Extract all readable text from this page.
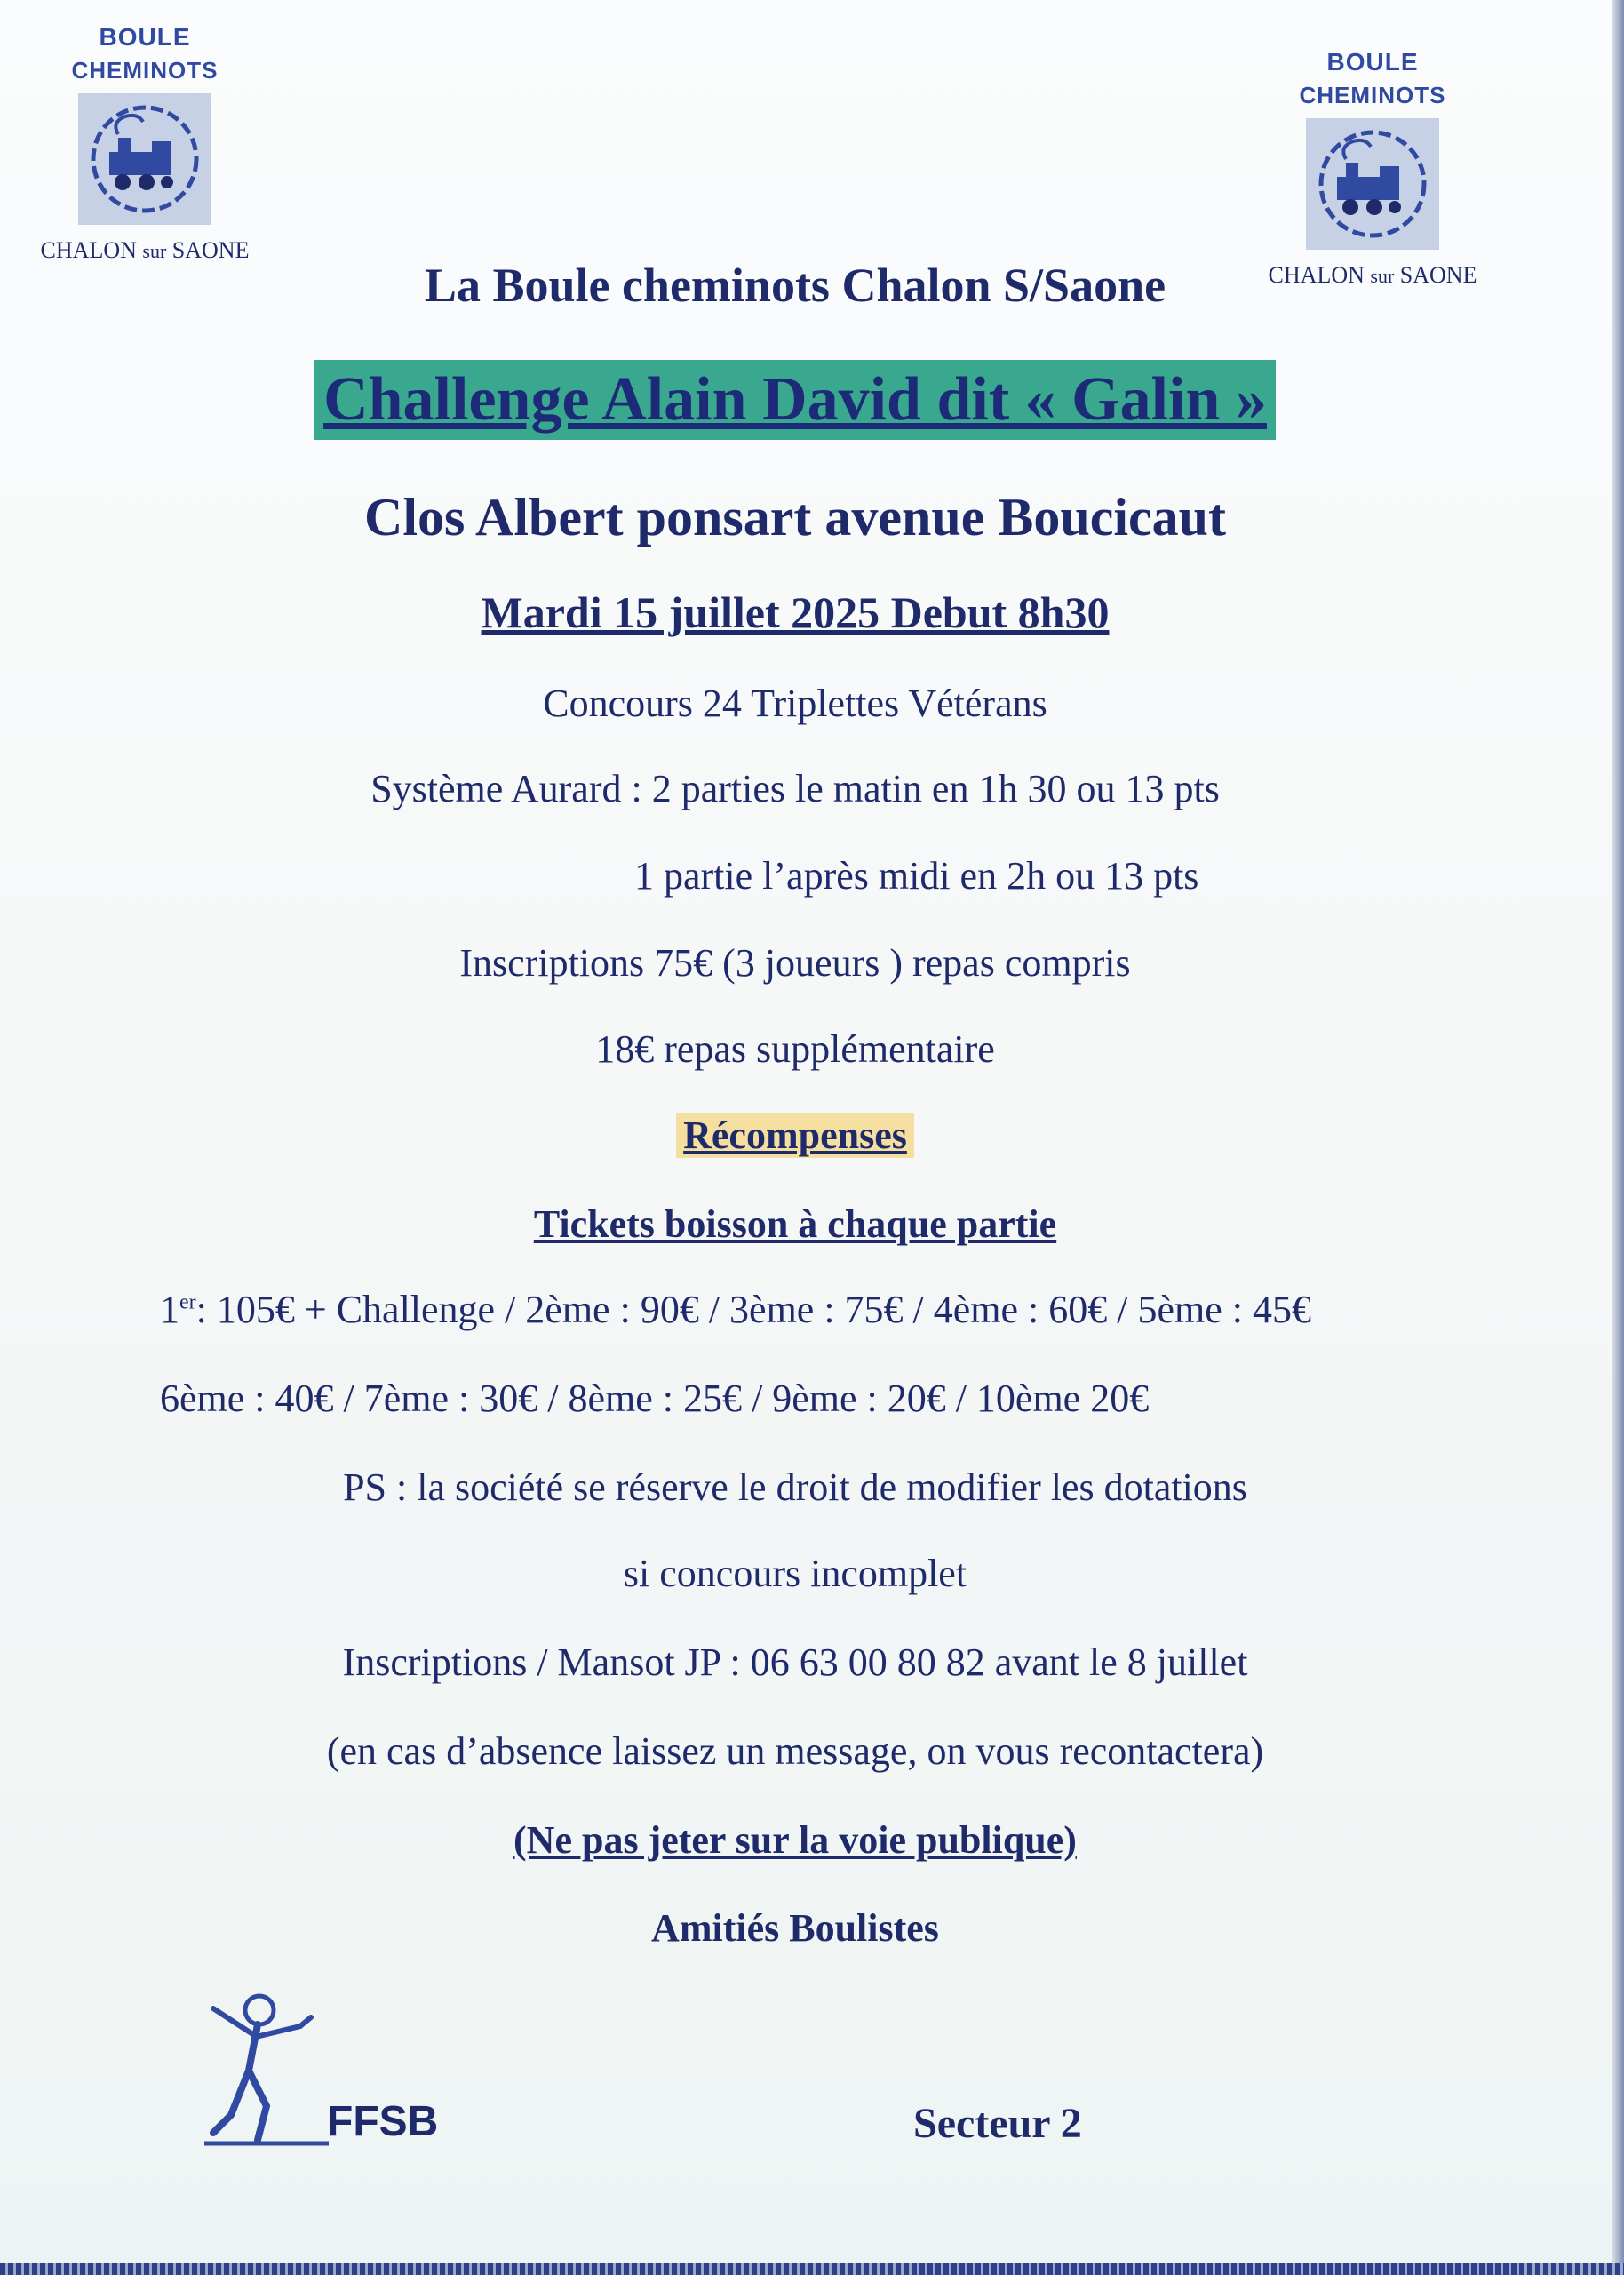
BOULE
CHEMINOTS
CHALON sur SAONE
BOULE
CHEMINOTS
CHALON sur SAONE
La Boule cheminots Chalon S/Saone
Challenge Alain David dit « Galin »
Clos Albert ponsart avenue Boucicaut
Mardi 15 juillet 2025 Debut 8h30
Concours 24 Triplettes Vétérans
Système Aurard : 2 parties le matin en 1h 30 ou 13 pts
1 partie l’après midi en 2h ou 13 pts
Inscriptions 75€ (3 joueurs ) repas compris
18€ repas supplémentaire
Récompenses
Tickets boisson à chaque partie
1er: 105€ + Challenge / 2ème : 90€ / 3ème : 75€ / 4ème : 60€ / 5ème : 45€
6ème : 40€ / 7ème : 30€ / 8ème : 25€ / 9ème : 20€ / 10ème 20€
PS : la société se réserve le droit de modifier les dotations
si concours incomplet
Inscriptions / Mansot JP : 06 63 00 80 82 avant le 8 juillet
(en cas d’absence laissez un message, on vous recontactera)
(Ne pas jeter sur la voie publique)
Amitiés Boulistes
FFSB	Secteur 2
